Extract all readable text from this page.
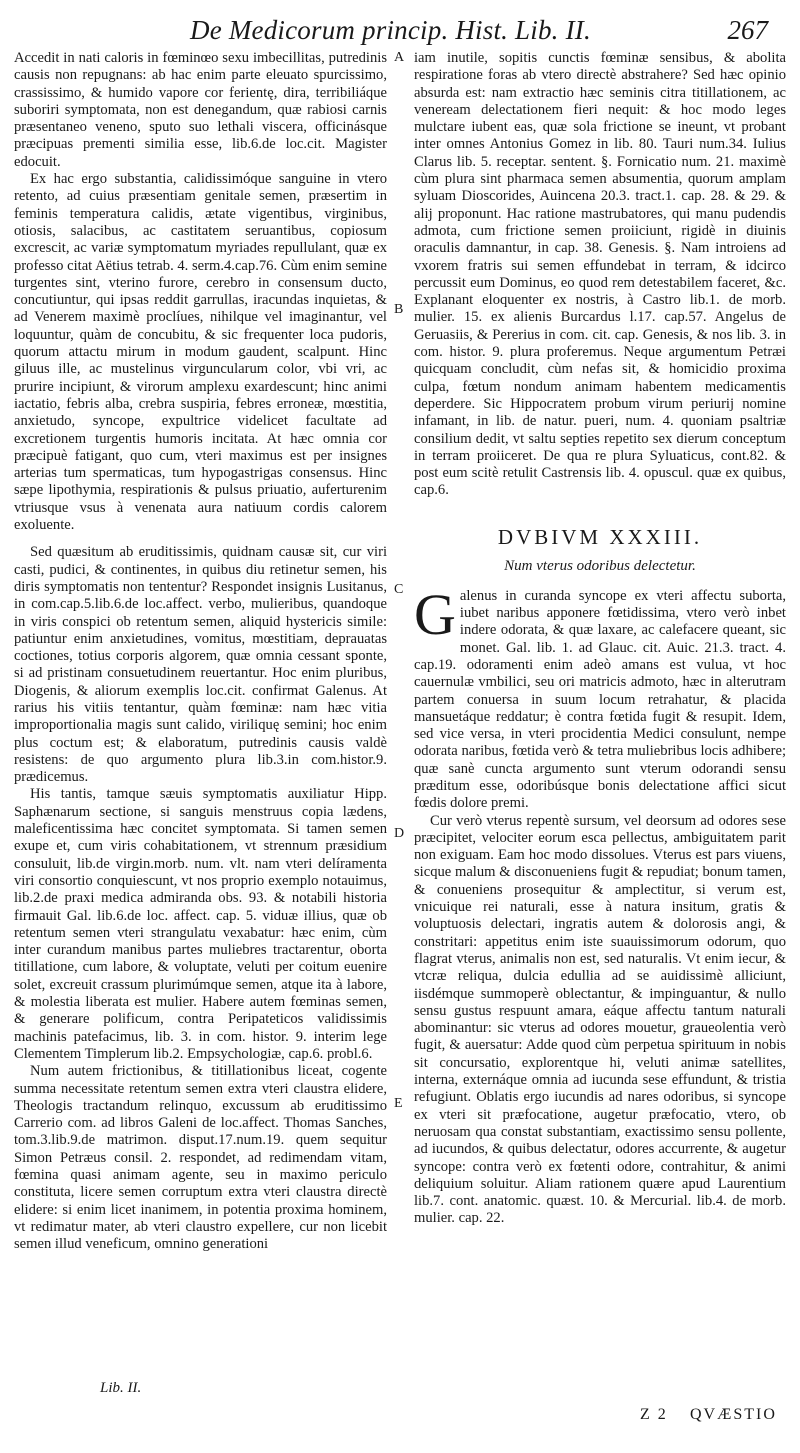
De Medicorum princip. Hist. Lib. II.	267
A
B
C
D
E

Accedit in nati caloris in fœminœo sexu imbecillitas, putredinis causis non repugnans: ab hac enim parte eleuato spurcissimo, crassissimo, & humido vapore cor ferientę, dira, terribiliáque suboriri symptomata, non est denegandum, quæ rabiosi carnis præsentaneo veneno, sputo suo lethali viscera, officinásque præcipuas prementi similia esse, lib.6.de loc.cit. Magister edocuit.

Ex hac ergo substantia, calidissimóque sanguine in vtero retento, ad cuius præsentiam genitale semen, præsertim in feminis temperatura calidis, ætate vigentibus, virginibus, otiosis, salacibus, ac castitatem seruantibus, copiosum excrescit, ac variæ symptomatum myriades repullulant, quæ ex professo citat Aëtius tetrab. 4. serm.4.cap.76. Cùm enim semine turgentes sint, vterino furore, cerebro in consensum ducto, concutiuntur, qui ipsas reddit garrullas, iracundas inquietas, & ad Venerem maximè proclíues, nihilque vel imaginantur, vel loquuntur, quàm de concubitu, & sic frequenter loca pudoris, quorum attactu mirum in modum gaudent, scalpunt. Hinc giluus ille, ac mustelinus virguncularum color, vbi vri, ac prurire incipiunt, & virorum amplexu exardescunt; hinc animi iactatio, febris alba, crebra suspiria, febres erroneæ, mœstitia, anxietudo, syncope, expultrice videlicet facultate ad excretionem turgentis humoris incitata. At hæc omnia cor præcipuè fatigant, quo cum, vteri maximus est per insignes arterias tum spermaticas, tum hypogastrigas consensus. Hinc sæpe lipothymia, respirationis & pulsus priuatio, auferturenim vtriusque vsus à venenata aura natiuum cordis calorem exoluente.

Sed quæsitum ab eruditissimis, quidnam causæ sit, cur viri casti, pudici, & continentes, in quibus diu retinetur semen, his diris symptomatis non tententur? Respondet insignis Lusitanus, in com.cap.5.lib.6.de loc.affect. verbo, mulieribus, quandoque in viris conspici ob retentum semen, aliquid hystericis simile: patiuntur enim anxietudines, vomitus, mœstitiam, deprauatas coctiones, totius corporis algorem, quæ omnia cessant sponte, si ad pristinam consuetudinem reuertantur. Hoc enim pluribus, Diogenis, & aliorum exemplis loc.cit. confirmat Galenus. At rarius his vitiis tentantur, quàm fœminæ: nam hæc vitia improportionalia magis sunt calido, viriliquę semini; hoc enim plus coctum est; & elaboratum, putredinis causis valdè resistens: de quo argumento plura lib.3.in com.histor.9. prædicemus.

His tantis, tamque sæuis symptomatis auxiliatur Hipp. Saphænarum sectione, si sanguis menstruus copia lædens, maleficentissima hæc concitet symptomata. Si tamen semen exupe et, cum viris cohabitationem, vt strennum præsidium consuluit, lib.de virgin.morb. num. vlt. nam vteri delíramenta viri consortio conquiescunt, vt nos proprio exemplo notauimus, lib.2.de praxi medica admiranda obs. 93. & notabili historia firmauit Gal. lib.6.de loc. affect. cap. 5. viduæ illius, quæ ob retentum semen vteri strangulatu vexabatur: hæc enim, cùm inter curandum manibus partes muliebres tractarentur, oborta titillatione, cum labore, & voluptate, veluti per coitum euenire solet, excreuit crassum plurimúmque semen, atque ita à labore, & molestia liberata est mulier. Habere autem fœminas semen, & generare polificum, contra Peripateticos validissimis machinis patefacimus, lib. 3. in com. histor. 9. interim lege Clementem Timplerum lib.2. Empsychologiæ, cap.6. probl.6.

Num autem frictionibus, & titillationibus liceat, cogente summa necessitate retentum semen extra vteri claustra elidere, Theologis tractandum relinquo, excussum ab eruditissimo Carrerio com. ad libros Galeni de loc.affect. Thomas Sanches, tom.3.lib.9.de matrimon. disput.17.num.19. quem sequitur Simon Petræus consil. 2. respondet, ad redimendam vitam, fœmina quasi animam agente, seu in maximo periculo constituta, licere semen corruptum extra vteri claustra directè elidere: si enim licet inanimem, in potentia proxima hominem, vt redimatur mater, ab vteri claustro expellere, cur non licebit semen illud veneficum, omnino generationi

iam inutile, sopitis cunctis fœminæ sensibus, & abolita respiratione foras ab vtero directè abstrahere? Sed hæc opinio absurda est: nam extractio hæc seminis citra titillationem, ac veneream delectationem fieri nequit: & hoc modo leges mulctare iubent eas, quæ sola frictione se ineunt, vt probant inter omnes Antonius Gomez in lib. 80. Tauri num.34. Iulius Clarus lib. 5. receptar. sentent. §. Fornicatio num. 21. maximè cùm plura sint pharmaca semen absumentia, quorum amplam syluam Dioscorides, Auincena 20.3. tract.1. cap. 28. & 29. & alij proponunt. Hac ratione mastrubatores, qui manu pudendis admota, cum frictione semen proiiciunt, rigidè in diuinis oraculis damnantur, in cap. 38. Genesis. §. Nam introiens ad vxorem fratris sui semen effundebat in terram, & idcirco percussit eum Dominus, eo quod rem detestabilem faceret, &c. Explanant eloquenter ex nostris, à Castro lib.1. de morb. mulier. 15. ex alienis Burcardus l.17. cap.57. Angelus de Geruasiis, & Pererius in com. cit. cap. Genesis, & nos lib. 3. in com. histor. 9. plura proferemus. Neque argumentum Petræi quicquam concludit, cùm nefas sit, & homicidio proxima culpa, fœtum nondum animam habentem medicamentis deperdere. Sic Hippocratem probum virum periurij nomine infamant, in lib. de natur. pueri, num. 4. quoniam psaltriæ consilium dedit, vt saltu septies repetito sex dierum conceptum in terram proiiceret. De qua re plura Syluaticus, cont.82. & post eum scitè retulit Castrensis lib. 4. opuscul. quæ ex quibus, cap.6.

DVBIVM XXXIII.
Num vterus odoribus delectetur.

Galenus in curanda syncope ex vteri affectu suborta, iubet naribus apponere fœtidissima, vtero verò inbet indere odorata, & quæ laxare, ac calefacere queant, sic monet. Gal. lib. 1. ad Glauc. cit. Auic. 21.3. tract. 4. cap.19. odoramenti enim adeò amans est vulua, vt hoc cauernulæ vmbilici, seu ori matricis admoto, hæc in alterutram partem conuersa in suum locum retrahatur, & placida mansuetáque reddatur; è contra fœtida fugit & resupit. Idem, sed vice versa, in vteri procidentia Medici consulunt, nempe odorata naribus, fœtida verò & tetra muliebribus locis adhibere; quæ sanè cuncta argumento sunt vterum odorandi sensu præditum esse, odoribúsque bonis delectatione affici sicut fœdis dolore premi.

Cur verò vterus repentè sursum, vel deorsum ad odores sese præcipitet, velociter eorum esca pellectus, ambiguitatem parit non exiguam. Eam hoc modo dissolues. Vterus est pars viuens, sicque malum & disconueniens fugit & repudiat; bonum tamen, & conueniens prosequitur & amplectitur, si verum est, vnicuique rei naturali, esse à natura insitum, gratis & voluptuosis delectari, ingratis autem & dolorosis angi, & constritari: appetitus enim iste suauissimorum odorum, quo flagrat vterus, animalis non est, sed naturalis. Vt enim iecur, & vtcræ reliqua, dulcia edullia ad se auidissimè alliciunt, iisdémque summoperè oblectantur, & impinguantur, & nullo sensu gustus respuunt amara, eáque affectu tantum naturali abominantur: sic vterus ad odores mouetur, graueolentia verò fugit, & auersatur: Adde quod cùm perpetua spirituum in nobis sit concursatio, explorentque hi, veluti animæ satellites, interna, externáque omnia ad iucunda sese effundunt, & tristia refugiunt. Oblatis ergo iucundis ad nares odoribus, si syncope ex vteri sit præfocatione, augetur præfocatio, vtero, ob neruosam qua constat substantiam, exactissimo sensu pollente, ad iucundos, & quibus delectatur, odores accurrente, & augetur syncope: contra verò ex fœtenti odore, contrahitur, & animi deliquium soluitur. Aliam rationem quære apud Laurentium lib.7. cont. anatomic. quæst. 10. & Mercurial. lib.4. de morb. mulier. cap. 22.

Lib. II.
Z 2 QVÆSTIO
